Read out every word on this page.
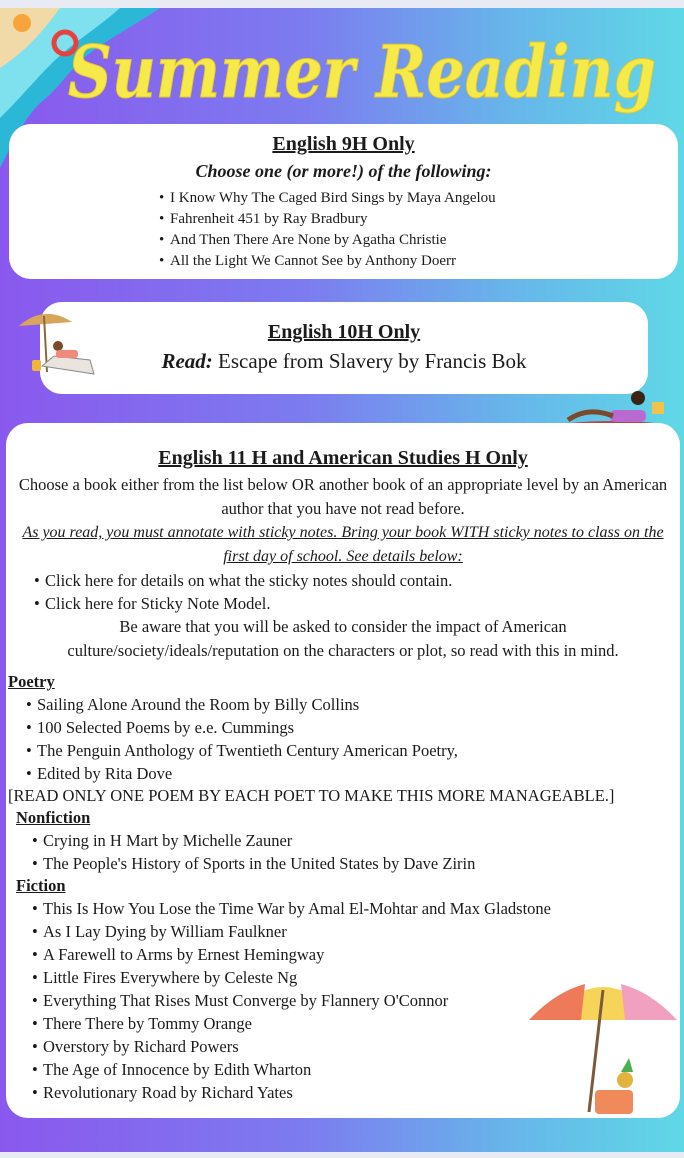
Summer Reading
English 9H Only
Choose one (or more!) of the following:
• I Know Why The Caged Bird Sings by Maya Angelou
• Fahrenheit 451 by Ray Bradbury
• And Then There Are None by Agatha Christie
• All the Light We Cannot See by Anthony Doerr
English 10H Only
Read: Escape from Slavery by Francis Bok
English 11 H and American Studies H Only
Choose a book either from the list below OR another book of an appropriate level by an American author that you have not read before.
As you read, you must annotate with sticky notes. Bring your book WITH sticky notes to class on the first day of school. See details below:
• Click here for details on what the sticky notes should contain.
• Click here for Sticky Note Model.
Be aware that you will be asked to consider the impact of American culture/society/ideals/reputation on the characters or plot, so read with this in mind.
Poetry
• Sailing Alone Around the Room by Billy Collins
• 100 Selected Poems by e.e. Cummings
• The Penguin Anthology of Twentieth Century American Poetry,
• Edited by Rita Dove
[READ ONLY ONE POEM BY EACH POET TO MAKE THIS MORE MANAGEABLE.]
Nonfiction
• Crying in H Mart by Michelle Zauner
• The People's History of Sports in the United States by Dave Zirin
Fiction
• This Is How You Lose the Time War by Amal El-Mohtar and Max Gladstone
• As I Lay Dying by William Faulkner
• A Farewell to Arms by Ernest Hemingway
• Little Fires Everywhere by Celeste Ng
• Everything That Rises Must Converge by Flannery O'Connor
• There There by Tommy Orange
• Overstory by Richard Powers
• The Age of Innocence by Edith Wharton
• Revolutionary Road by Richard Yates
